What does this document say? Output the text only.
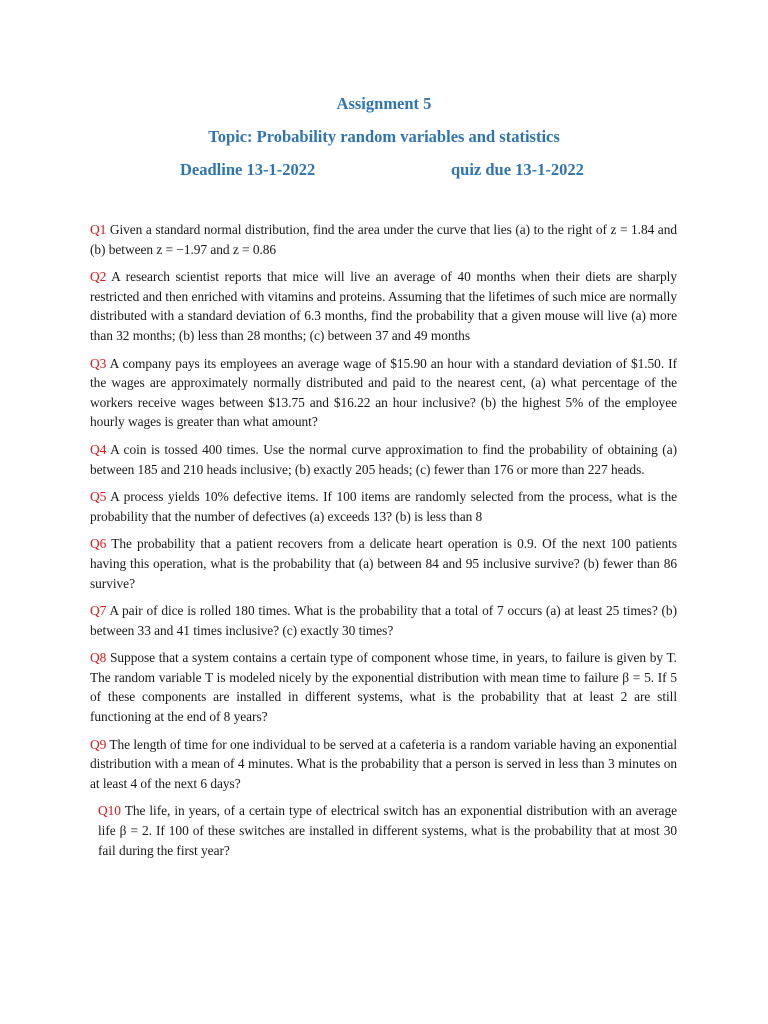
Assignment 5
Topic: Probability random variables and statistics
Deadline 13-1-2022	quiz due 13-1-2022

Q1 Given a standard normal distribution, find the area under the curve that lies (a) to the right of z = 1.84 and (b) between z = −1.97 and z = 0.86

Q2 A research scientist reports that mice will live an average of 40 months when their diets are sharply restricted and then enriched with vitamins and proteins. Assuming that the lifetimes of such mice are normally distributed with a standard deviation of 6.3 months, find the probability that a given mouse will live (a) more than 32 months; (b) less than 28 months; (c) between 37 and 49 months

Q3 A company pays its employees an average wage of $15.90 an hour with a standard deviation of $1.50. If the wages are approximately normally distributed and paid to the nearest cent, (a) what percentage of the workers receive wages between $13.75 and $16.22 an hour inclusive? (b) the highest 5% of the employee hourly wages is greater than what amount?

Q4 A coin is tossed 400 times. Use the normal curve approximation to find the probability of obtaining (a) between 185 and 210 heads inclusive; (b) exactly 205 heads; (c) fewer than 176 or more than 227 heads.

Q5 A process yields 10% defective items. If 100 items are randomly selected from the process, what is the probability that the number of defectives (a) exceeds 13? (b) is less than 8

Q6 The probability that a patient recovers from a delicate heart operation is 0.9. Of the next 100 patients having this operation, what is the probability that (a) between 84 and 95 inclusive survive? (b) fewer than 86 survive?

Q7 A pair of dice is rolled 180 times. What is the probability that a total of 7 occurs (a) at least 25 times? (b) between 33 and 41 times inclusive? (c) exactly 30 times?

Q8 Suppose that a system contains a certain type of component whose time, in years, to failure is given by T. The random variable T is modeled nicely by the exponential distribution with mean time to failure β = 5. If 5 of these components are installed in different systems, what is the probability that at least 2 are still functioning at the end of 8 years?

Q9 The length of time for one individual to be served at a cafeteria is a random variable having an exponential distribution with a mean of 4 minutes. What is the probability that a person is served in less than 3 minutes on at least 4 of the next 6 days?

Q10 The life, in years, of a certain type of electrical switch has an exponential distribution with an average life β = 2. If 100 of these switches are installed in different systems, what is the probability that at most 30 fail during the first year?
